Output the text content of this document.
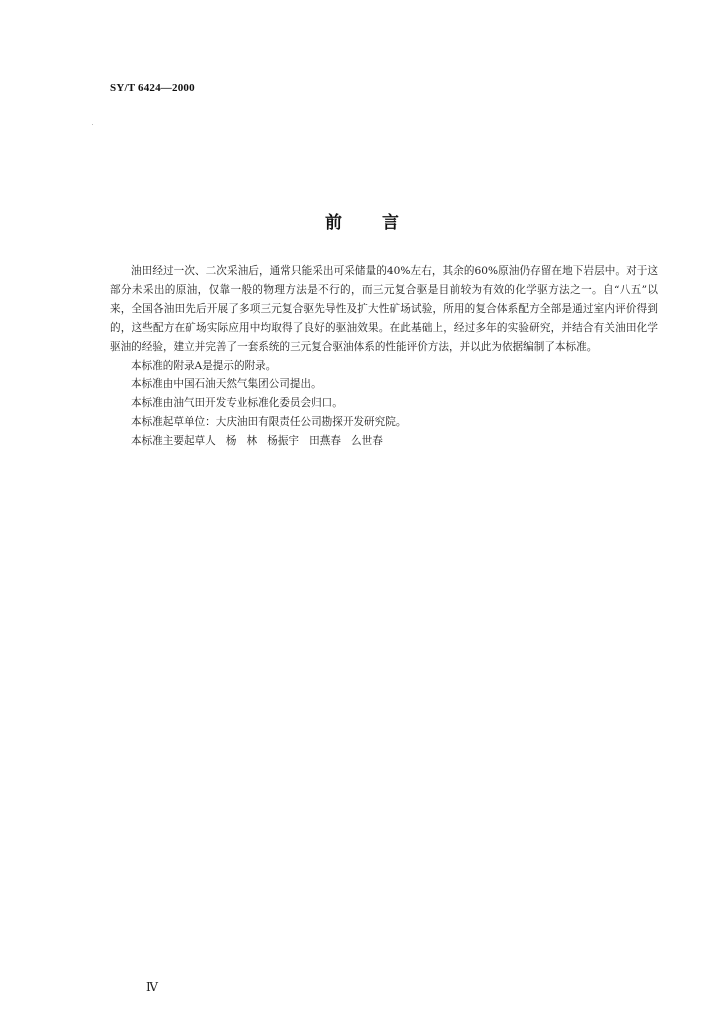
SY/T 6424—2000
前 言

油田经过一次、二次采油后，通常只能采出可采储量的40%左右，其余的60%原油仍存留在地下岩层中。对于这部分未采出的原油，仅靠一般的物理方法是不行的，而三元复合驱是目前较为有效的化学驱方法之一。自“八五”以来，全国各油田先后开展了多项三元复合驱先导性及扩大性矿场试验，所用的复合体系配方全部是通过室内评价得到的，这些配方在矿场实际应用中均取得了良好的驱油效果。在此基础上，经过多年的实验研究，并结合有关油田化学驱油的经验，建立并完善了一套系统的三元复合驱油体系的性能评价方法，并以此为依据编制了本标准。

本标准的附录A是提示的附录。

本标准由中国石油天然气集团公司提出。

本标准由油气田开发专业标准化委员会归口。

本标准起草单位：大庆油田有限责任公司勘探开发研究院。

本标准主要起草人   杨   林   杨振宇   田燕春   么世春

Ⅳ
